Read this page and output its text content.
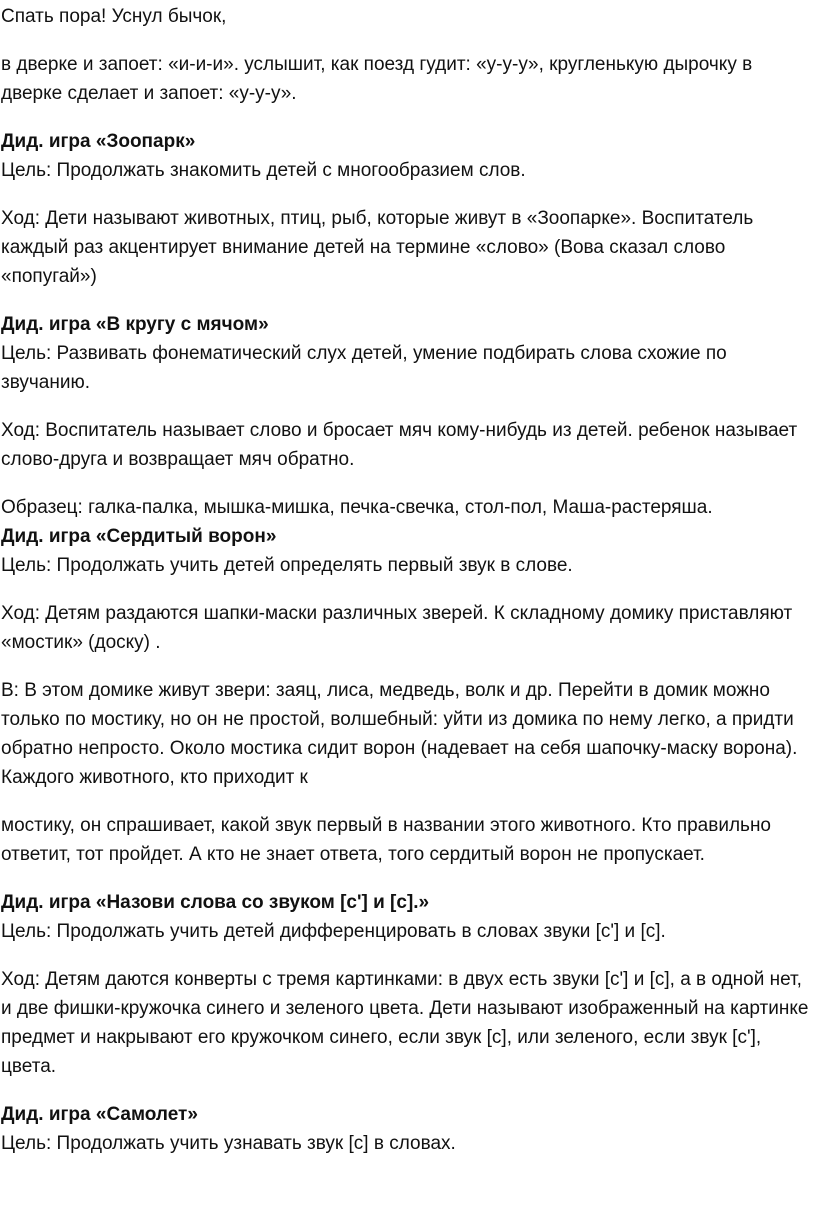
Спать пора! Уснул бычок,

в дверке и запоет: «и-и-и». услышит, как поезд гудит: «у-у-у», кругленькую дырочку в дверке сделает и запоет: «у-у-у».

Дид. игра «Зоопарк»

Цель: Продолжать знакомить детей с многообразием слов.

Ход: Дети называют животных, птиц, рыб, которые живут в «Зоопарке». Воспитатель каждый раз акцентирует внимание детей на термине «слово» (Вова сказал слово «попугай»)

Дид. игра «В кругу с мячом»

Цель: Развивать фонематический слух детей, умение подбирать слова схожие по звучанию.

Ход: Воспитатель называет слово и бросает мяч кому-нибудь из детей. ребенок называет слово-друга и возвращает мяч обратно.

Образец: галка-палка, мышка-мишка, печка-свечка, стол-пол, Маша-растеряша.

Дид. игра «Сердитый ворон»

Цель: Продолжать учить детей определять первый звук в слове.

Ход: Детям раздаются шапки-маски различных зверей. К складному домику приставляют «мостик» (доску) .

В: В этом домике живут звери: заяц, лиса, медведь, волк и др. Перейти в домик можно только по мостику, но он не простой, волшебный: уйти из домика по нему легко, а придти обратно непросто. Около мостика сидит ворон (надевает на себя шапочку-маску ворона). Каждого животного, кто приходит к

мостику, он спрашивает, какой звук первый в названии этого животного. Кто правильно ответит, тот пройдет. А кто не знает ответа, того сердитый ворон не пропускает.

Дид. игра «Назови слова со звуком [с'] и [с].»

Цель: Продолжать учить детей дифференцировать в словах звуки [с'] и [с].

Ход: Детям даются конверты с тремя картинками: в двух есть звуки [с'] и [с], а в одной нет, и две фишки-кружочка синего и зеленого цвета. Дети называют изображенный на картинке предмет и накрывают его кружочком синего, если звук [с], или зеленого, если звук [с'], цвета.

Дид. игра «Самолет»

Цель: Продолжать учить узнавать звук [с] в словах.
